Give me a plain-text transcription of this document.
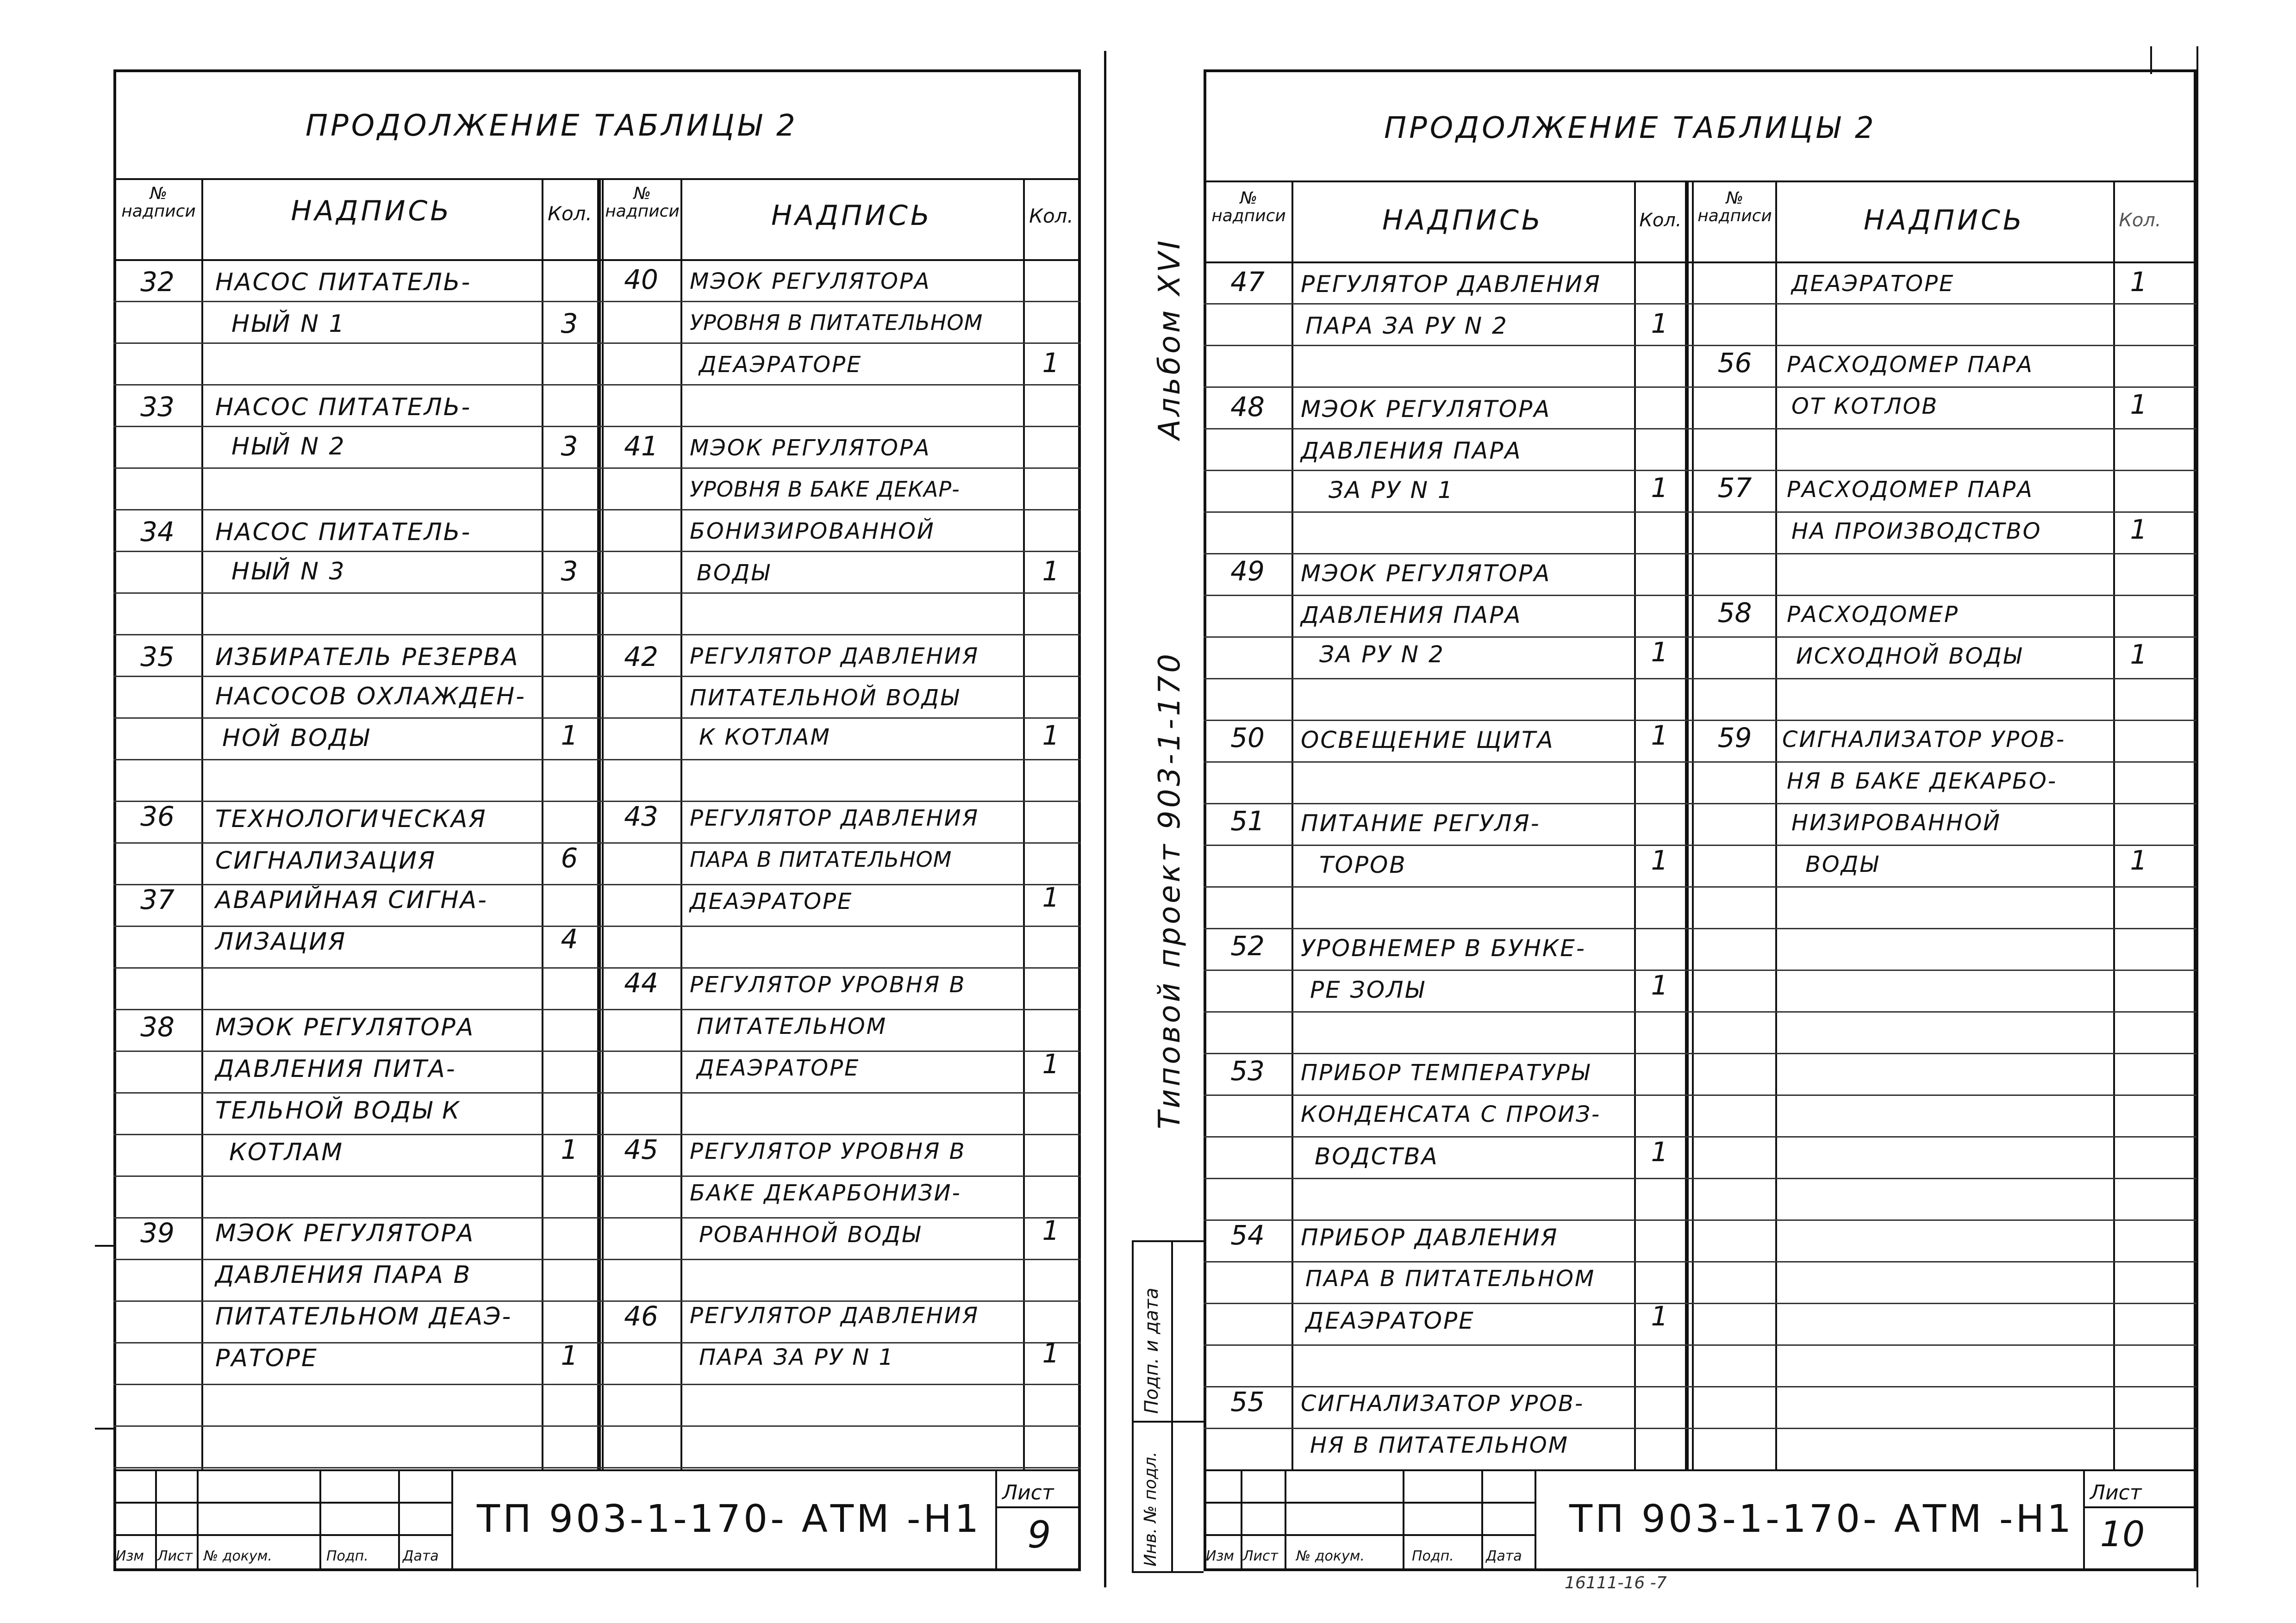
ПРОДОЛЖЕНИЕ ТАБЛИЦЫ 2
№ надписи	НАДПИСЬ	Кол.
№ надписи	НАДПИСЬ	Кол.
32	НАСОС ПИТАТЕЛЬ-
НЫЙ N 1	3
33	НАСОС ПИТАТЕЛЬ-
НЫЙ N 2	3
34	НАСОС ПИТАТЕЛЬ-
НЫЙ N 3	3
35	ИЗБИРАТЕЛЬ РЕЗЕРВА
НАСОСОВ ОХЛАЖДЕН-
НОЙ ВОДЫ	1
36	ТЕХНОЛОГИЧЕСКАЯ
СИГНАЛИЗАЦИЯ	6
37	АВАРИЙНАЯ СИГНА-
ЛИЗАЦИЯ	4
38	МЭОК РЕГУЛЯТОРА
ДАВЛЕНИЯ ПИТА-
ТЕЛЬНОЙ ВОДЫ К
КОТЛАМ	1
39	МЭОК РЕГУЛЯТОРА
ДАВЛЕНИЯ ПАРА В
ПИТАТЕЛЬНОМ ДЕАЭ-
РАТОРЕ	1
40	МЭОК РЕГУЛЯТОРА
УРОВНЯ В ПИТАТЕЛЬНОМ
ДЕАЭРАТОРЕ	1
41	МЭОК РЕГУЛЯТОРА
УРОВНЯ В БАКЕ ДЕКАР-
БОНИЗИРОВАННОЙ
ВОДЫ	1
42	РЕГУЛЯТОР ДАВЛЕНИЯ
ПИТАТЕЛЬНОЙ ВОДЫ
К КОТЛАМ	1
43	РЕГУЛЯТОР ДАВЛЕНИЯ
ПАРА В ПИТАТЕЛЬНОМ
ДЕАЭРАТОРЕ	1
44	РЕГУЛЯТОР УРОВНЯ В
ПИТАТЕЛЬНОМ
ДЕАЭРАТОРЕ	1
45	РЕГУЛЯТОР УРОВНЯ В
БАКЕ ДЕКАРБОНИЗИ-
РОВАННОЙ ВОДЫ	1
46	РЕГУЛЯТОР ДАВЛЕНИЯ
ПАРА ЗА РУ N 1	1
Изм Лист № докум.	Подп. Дата
ТП 903-1-170- АТМ -Н1
Лист
9
ПРОДОЛЖЕНИЕ ТАБЛИЦЫ 2
№ надписи	НАДПИСЬ	Кол.
№ надписи	НАДПИСЬ	Кол.
47	РЕГУЛЯТОР ДАВЛЕНИЯ
ПАРА ЗА РУ N 2	1
48	МЭОК РЕГУЛЯТОРА
ДАВЛЕНИЯ ПАРА
ЗА РУ N 1	1
49	МЭОК РЕГУЛЯТОРА
ДАВЛЕНИЯ ПАРА
ЗА РУ N 2	1
50	ОСВЕЩЕНИЕ ЩИТА	1
51	ПИТАНИЕ РЕГУЛЯ-
ТОРОВ	1
52	УРОВНЕМЕР В БУНКЕ-
РЕ ЗОЛЫ	1
53	ПРИБОР ТЕМПЕРАТУРЫ
КОНДЕНСАТА С ПРОИЗ-
ВОДСТВА	1
54	ПРИБОР ДАВЛЕНИЯ
ПАРА В ПИТАТЕЛЬНОМ
ДЕАЭРАТОРЕ	1
55	СИГНАЛИЗАТОР УРОВ-
НЯ В ПИТАТЕЛЬНОМ
ДЕАЭРАТОРЕ	1
56	РАСХОДОМЕР ПАРА
ОТ КОТЛОВ	1
57	РАСХОДОМЕР ПАРА
НА ПРОИЗВОДСТВО	1
58	РАСХОДОМЕР
ИСХОДНОЙ ВОДЫ	1
59	СИГНАЛИЗАТОР УРОВ-
НЯ В БАКЕ ДЕКАРБО-
НИЗИРОВАННОЙ
ВОДЫ	1
Изм Лист № докум.	Подп. Дата
ТП 903-1-170- АТМ -Н1
Лист
10
16111-16 -7
Альбом XVI
Типовой проект 903-1-170
Подп. и дата
Инв. № подл.
